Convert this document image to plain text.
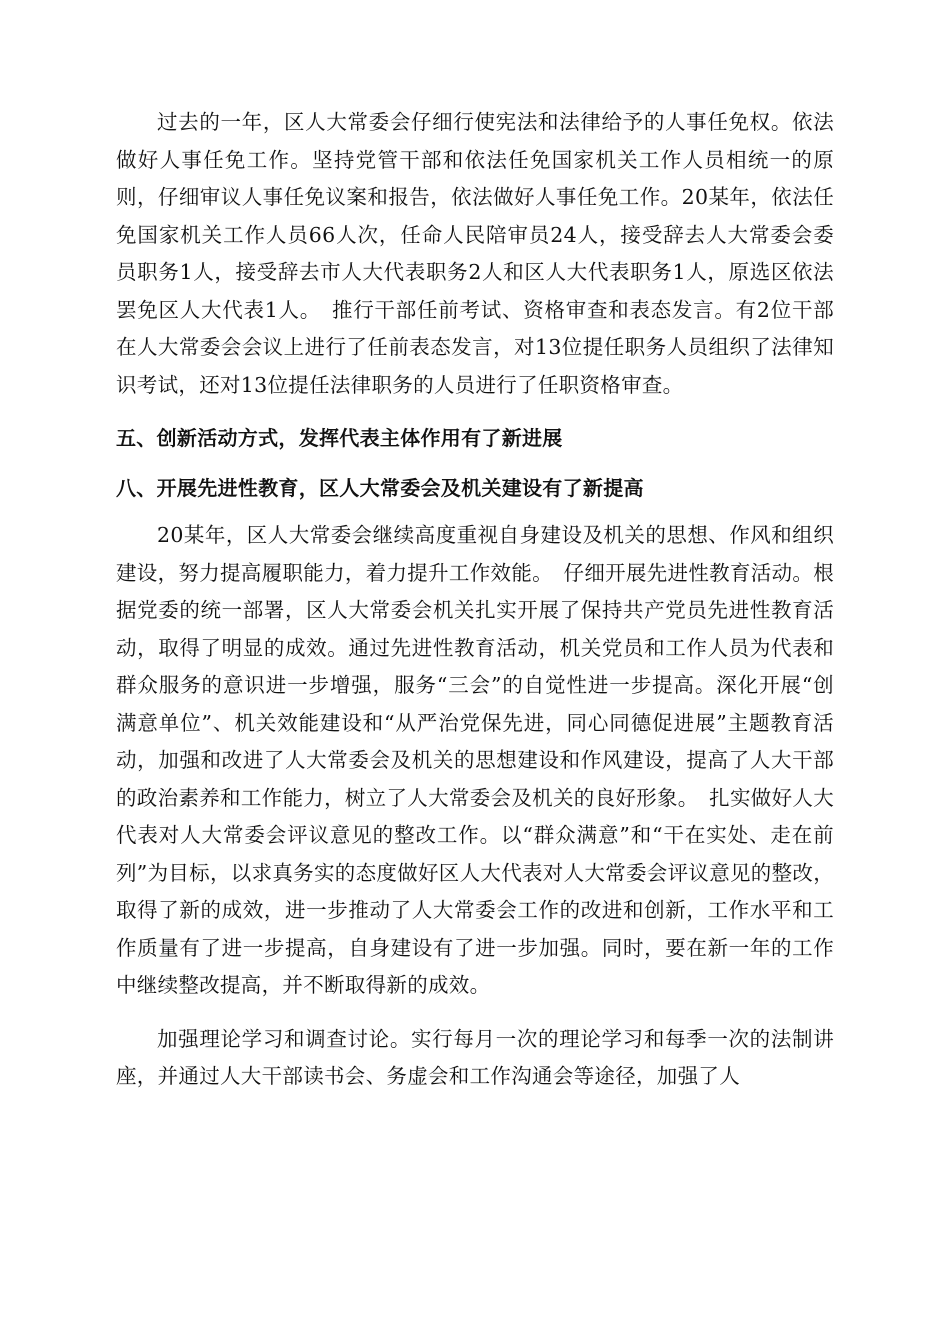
过去的一年，区人大常委会仔细行使宪法和法律给予的人事任免权。依法做好人事任免工作。坚持党管干部和依法任免国家机关工作人员相统一的原则，仔细审议人事任免议案和报告，依法做好人事任免工作。20某年，依法任免国家机关工作人员66人次，任命人民陪审员24人，接受辞去人大常委会委员职务1人，接受辞去市人大代表职务2人和区人大代表职务1人，原选区依法罢免区人大代表1人。　推行干部任前考试、资格审查和表态发言。有2位干部在人大常委会会议上进行了任前表态发言，对13位提任职务人员组织了法律知识考试，还对13位提任法律职务的人员进行了任职资格审查。

五、创新活动方式，发挥代表主体作用有了新进展
八、开展先进性教育，区人大常委会及机关建设有了新提高

20某年，区人大常委会继续高度重视自身建设及机关的思想、作风和组织建设，努力提高履职能力，着力提升工作效能。　仔细开展先进性教育活动。根据党委的统一部署，区人大常委会机关扎实开展了保持共产党员先进性教育活动，取得了明显的成效。通过先进性教育活动，机关党员和工作人员为代表和群众服务的意识进一步增强，服务“三会”的自觉性进一步提高。深化开展“创满意单位”、机关效能建设和“从严治党保先进，同心同德促进展”主题教育活动，加强和改进了人大常委会及机关的思想建设和作风建设，提高了人大干部的政治素养和工作能力，树立了人大常委会及机关的良好形象。　扎实做好人大代表对人大常委会评议意见的整改工作。以“群众满意”和“干在实处、走在前列”为目标，以求真务实的态度做好区人大代表对人大常委会评议意见的整改，取得了新的成效，进一步推动了人大常委会工作的改进和创新，工作水平和工作质量有了进一步提高，自身建设有了进一步加强。同时，要在新一年的工作中继续整改提高，并不断取得新的成效。

加强理论学习和调查讨论。实行每月一次的理论学习和每季一次的法制讲座，并通过人大干部读书会、务虚会和工作沟通会等途径，加强了人
